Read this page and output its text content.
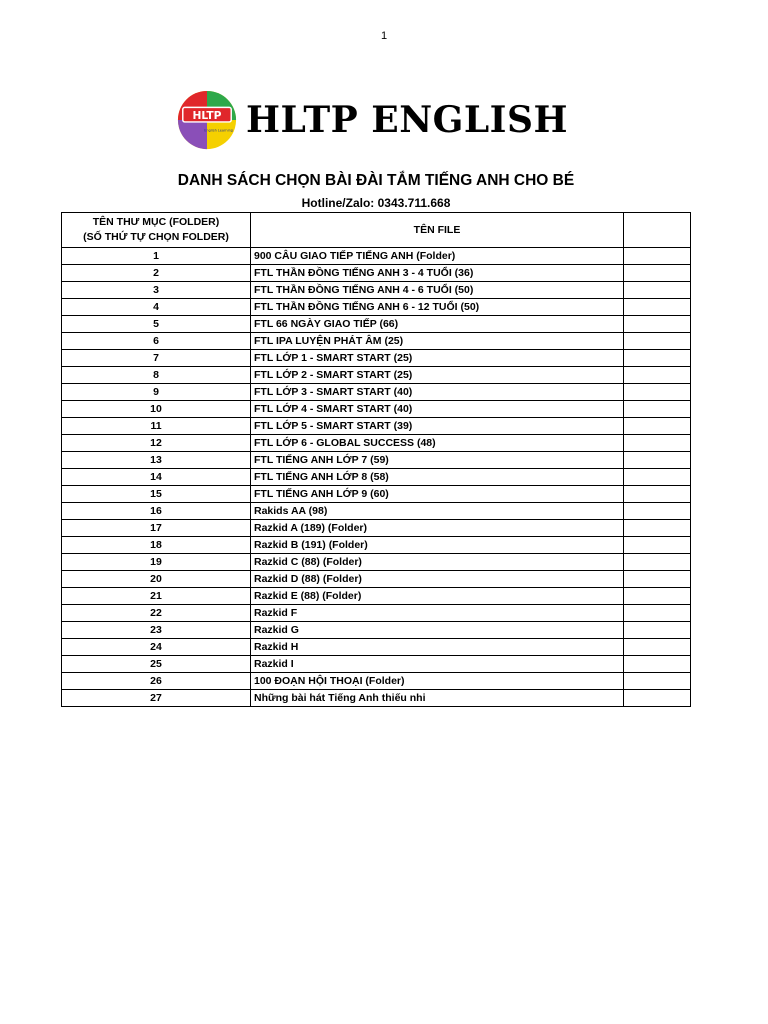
1
HLTP
English Learning HLTP ENGLISH
DANH SÁCH CHỌN BÀI ĐÀI TẮM TIẾNG ANH CHO BÉ
Hotline/Zalo: 0343.711.668
TÊN THƯ MỤC (FOLDER)
(SỐ THỨ TỰ CHỌN FOLDER)	TÊN FILE	
1	900 CÂU GIAO TIẾP TIẾNG ANH (Folder)	
2	FTL THẦN ĐỒNG TIẾNG ANH 3 - 4 TUỔI (36)	
3	FTL THẦN ĐỒNG TIẾNG ANH 4 - 6 TUỔI (50)	
4	FTL THẦN ĐỒNG TIẾNG ANH 6 - 12 TUỔI (50)	
5	FTL 66 NGÀY GIAO TIẾP (66)	
6	FTL IPA LUYỆN PHÁT ÂM (25)	
7	FTL LỚP 1 - SMART START (25)	
8	FTL LỚP 2 - SMART START (25)	
9	FTL LỚP 3 - SMART START (40)	
10	FTL LỚP 4 - SMART START (40)	
11	FTL LỚP 5 - SMART START (39)	
12	FTL LỚP 6 - GLOBAL SUCCESS (48)	
13	FTL TIẾNG ANH LỚP 7 (59)	
14	FTL TIẾNG ANH LỚP 8 (58)	
15	FTL TIẾNG ANH LỚP 9 (60)	
16	Rakids AA (98)	
17	Razkid A (189) (Folder)	
18	Razkid B (191) (Folder)	
19	Razkid C (88) (Folder)	
20	Razkid D (88) (Folder)	
21	Razkid E (88) (Folder)	
22	Razkid F	
23	Razkid G	
24	Razkid H	
25	Razkid I	
26	100 ĐOẠN HỘI THOẠI (Folder)	
27	Những bài hát Tiếng Anh thiếu nhi	
